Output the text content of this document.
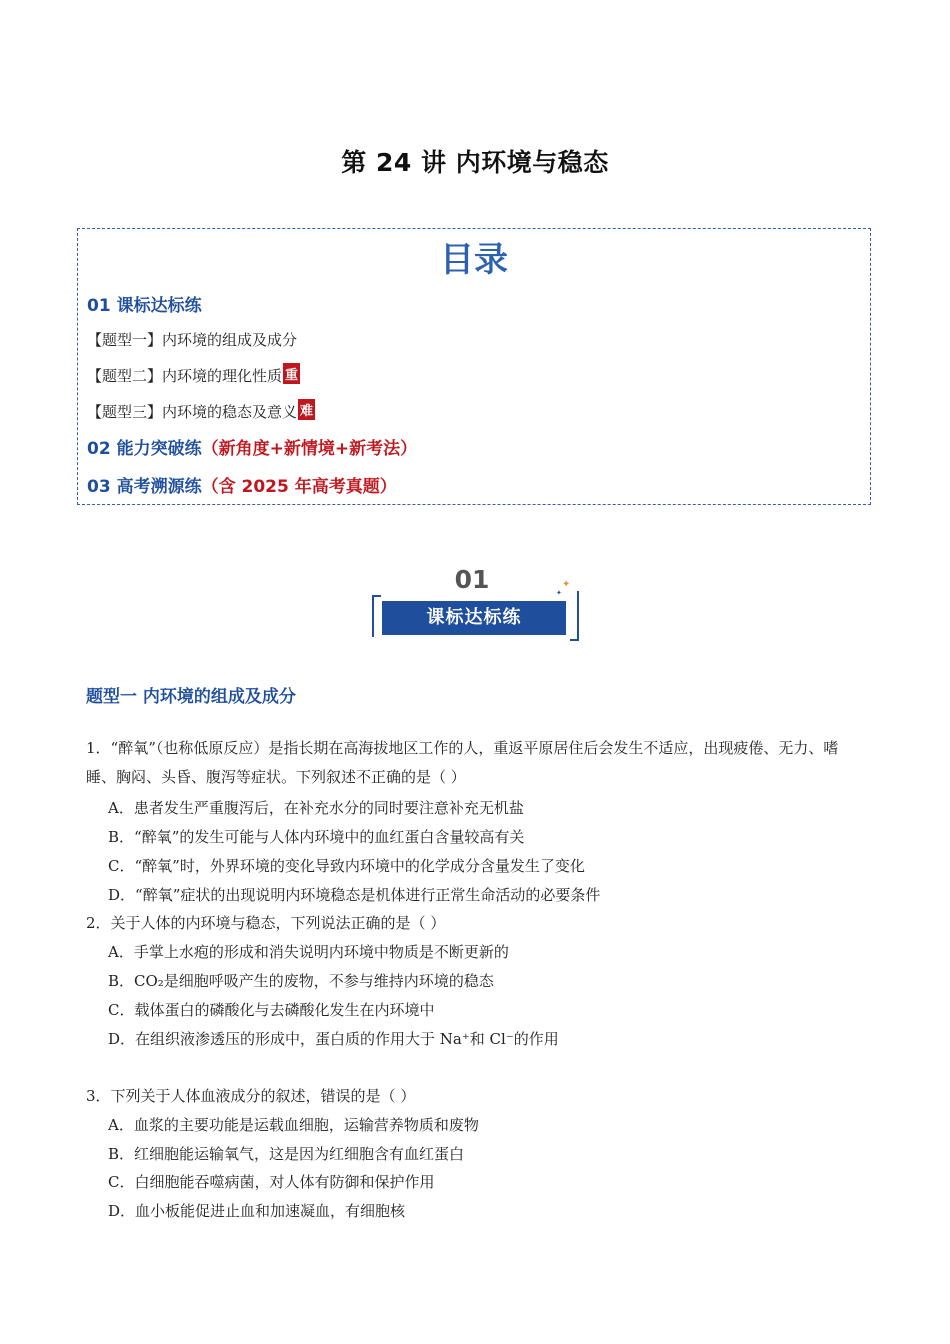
第 24 讲 内环境与稳态
目录
01 课标达标练
【题型一】内环境的组成及成分
【题型二】内环境的理化性质 重
【题型三】内环境的稳态及意义 难
02 能力突破练（新角度+新情境+新考法）
03 高考溯源练（含 2025 年高考真题）
01	✦
✦
课标达标练
题型一 内环境的组成及成分
1．“醉氧”（也称低原反应）是指长期在高海拔地区工作的人，重返平原居住后会发生不适应，出现疲倦、无力、嗜睡、胸闷、头昏、腹泻等症状。下列叙述不正确的是（ ）
A．患者发生严重腹泻后，在补充水分的同时要注意补充无机盐
B．“醉氧”的发生可能与人体内环境中的血红蛋白含量较高有关
C．“醉氧”时，外界环境的变化导致内环境中的化学成分含量发生了变化
D．“醉氧”症状的出现说明内环境稳态是机体进行正常生命活动的必要条件
2．关于人体的内环境与稳态，下列说法正确的是（ ）
A．手掌上水疱的形成和消失说明内环境中物质是不断更新的
B．CO₂是细胞呼吸产生的废物，不参与维持内环境的稳态
C．载体蛋白的磷酸化与去磷酸化发生在内环境中
D．在组织液渗透压的形成中，蛋白质的作用大于 Na⁺和 Cl⁻的作用
3．下列关于人体血液成分的叙述，错误的是（ ）
A．血浆的主要功能是运载血细胞，运输营养物质和废物
B．红细胞能运输氧气，这是因为红细胞含有血红蛋白
C．白细胞能吞噬病菌，对人体有防御和保护作用
D．血小板能促进止血和加速凝血，有细胞核
